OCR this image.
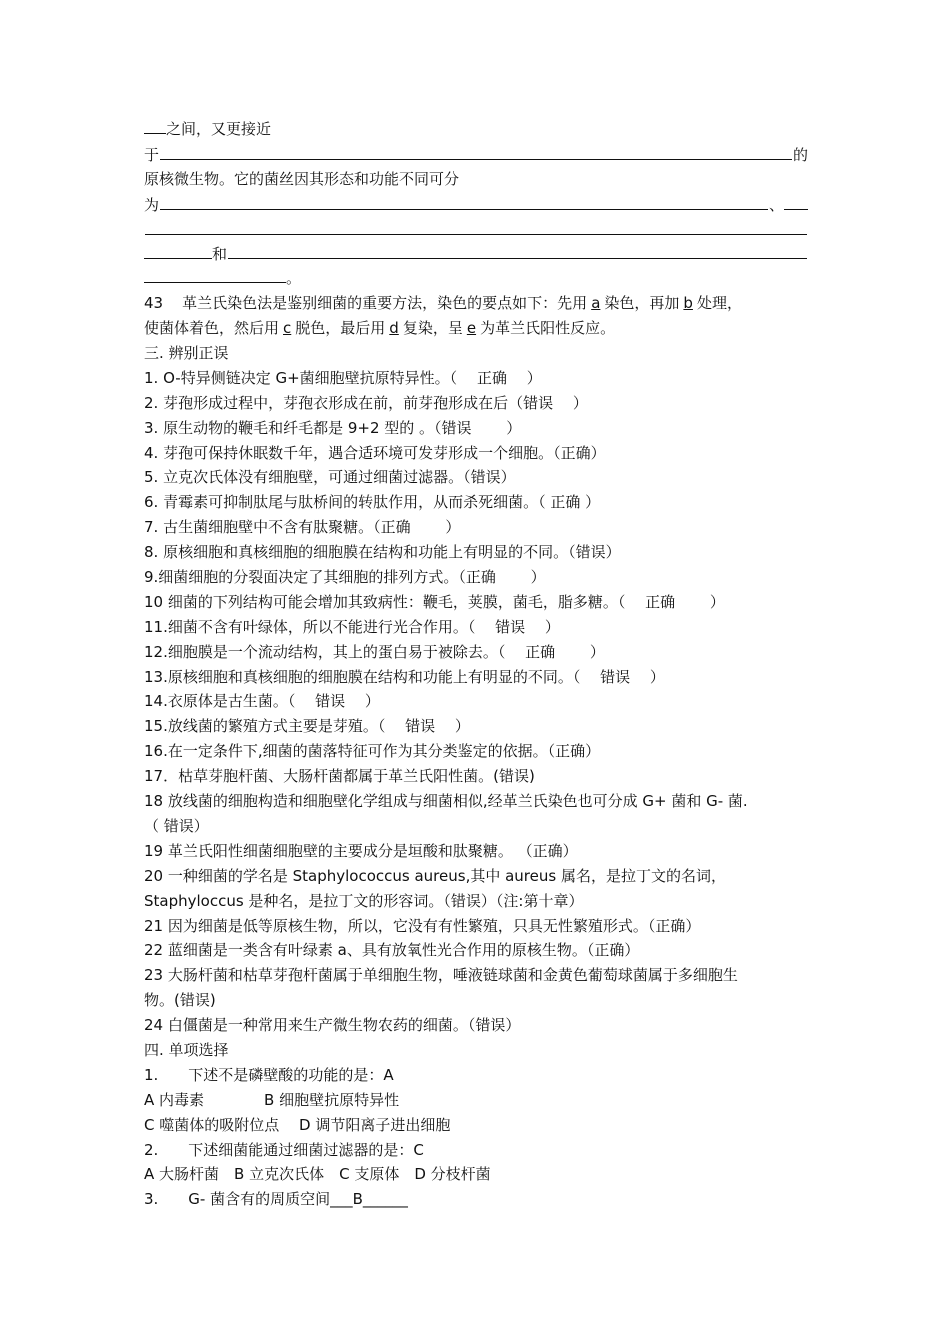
之间，又更接近
于	的
原核微生物。它的菌丝因其形态和功能不同可分
为	、
和
。
43 革兰氏染色法是鉴别细菌的重要方法，染色的要点如下：先用 a 染色，再加 b 处理，
使菌体着色，然后用 c 脱色，最后用 d 复染，呈 e 为革兰氏阳性反应。
三. 辨别正误
1. O-特异侧链决定 G+菌细胞壁抗原特异性。（　 正确　 ）
2. 芽孢形成过程中，芽孢衣形成在前，前芽孢形成在后（错误　 ）
3. 原生动物的鞭毛和纤毛都是 9+2 型的 。（错误　　 ）
4. 芽孢可保持休眠数千年，遇合适环境可发芽形成一个细胞。（正确）
5. 立克次氏体没有细胞壁，可通过细菌过滤器。（错误）
6. 青霉素可抑制肽尾与肽桥间的转肽作用，从而杀死细菌。（ 正确 ）
7. 古生菌细胞壁中不含有肽聚糖。（正确　　 ）
8. 原核细胞和真核细胞的细胞膜在结构和功能上有明显的不同。（错误）
9.细菌细胞的分裂面决定了其细胞的排列方式。（正确　　 ）
10 细菌的下列结构可能会增加其致病性：鞭毛，荚膜，菌毛，脂多糖。（　 正确　　 ）
11.细菌不含有叶绿体，所以不能进行光合作用。（　 错误　 ）
12.细胞膜是一个流动结构，其上的蛋白易于被除去。（　 正确　　 ）
13.原核细胞和真核细胞的细胞膜在结构和功能上有明显的不同。（　 错误　 ）
14.衣原体是古生菌。（　 错误　 ）
15.放线菌的繁殖方式主要是芽殖。（　 错误　 ）
16.在一定条件下,细菌的菌落特征可作为其分类鉴定的依据。（正确）
17．枯草芽胞杆菌、大肠杆菌都属于革兰氏阳性菌。(错误)
18 放线菌的细胞构造和细胞壁化学组成与细菌相似,经革兰氏染色也可分成 G+ 菌和 G- 菌.
（ 错误）
19 革兰氏阳性细菌细胞壁的主要成分是垣酸和肽聚糖。 （正确）
20 一种细菌的学名是 Staphylococcus aureus,其中 aureus 属名，是拉丁文的名词，
Staphyloccus 是种名，是拉丁文的形容词。（错误）（注:第十章）
21 因为细菌是低等原核生物，所以，它没有有性繁殖，只具无性繁殖形式。（正确）
22 蓝细菌是一类含有叶绿素 a、具有放氧性光合作用的原核生物。（正确）
23 大肠杆菌和枯草芽孢杆菌属于单细胞生物，唾液链球菌和金黄色葡萄球菌属于多细胞生
物。(错误)
24 白僵菌是一种常用来生产微生物农药的细菌。（错误）
四. 单项选择
1.　　下述不是磷壁酸的功能的是：A
A 内毒素　　　　B 细胞壁抗原特异性
C 噬菌体的吸附位点　 D 调节阳离子进出细胞
2.　　下述细菌能通过细菌过滤器的是：C
A 大肠杆菌　B 立克次氏体　C 支原体　D 分枝杆菌
3.　　G- 菌含有的周质空间___B______
